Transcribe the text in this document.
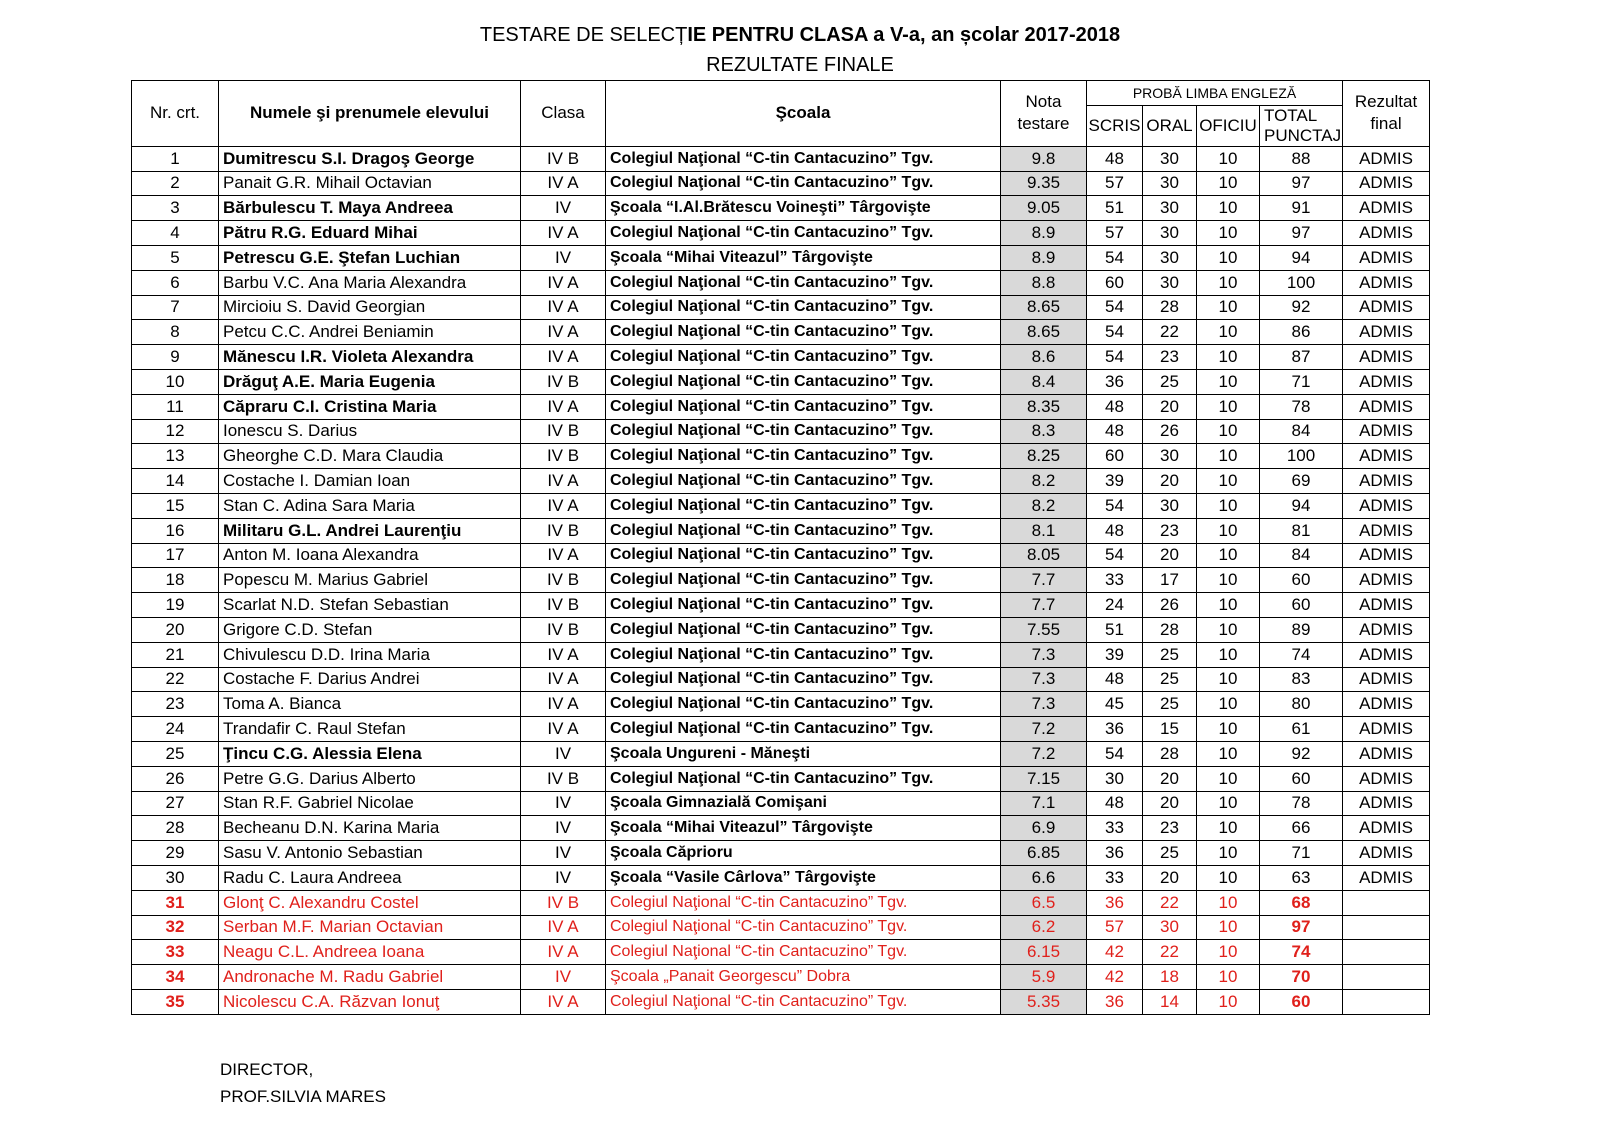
TESTARE DE SELECȚIE PENTRU CLASA a V-a, an școlar 2017-2018
REZULTATE FINALE
Nr. crt.	Numele şi prenumele elevului	Clasa	Şcoala	Nota testare	PROBĂ LIMBA ENGLEZĂ				Rezultat final
					SCRIS	ORAL	OFICIU	TOTAL PUNCTAJ	
1	Dumitrescu S.I. Dragoş George	IV B	Colegiul Naţional “C-tin Cantacuzino” Tgv.	9.8	48	30	10	88	ADMIS
2	Panait G.R. Mihail Octavian	IV A	Colegiul Naţional “C-tin Cantacuzino” Tgv.	9.35	57	30	10	97	ADMIS
3	Bărbulescu T. Maya Andreea	IV	Şcoala “I.Al.Brătescu Voineşti” Târgovişte	9.05	51	30	10	91	ADMIS
4	Pătru R.G. Eduard Mihai	IV A	Colegiul Naţional “C-tin Cantacuzino” Tgv.	8.9	57	30	10	97	ADMIS
5	Petrescu G.E. Ştefan Luchian	IV	Şcoala “Mihai Viteazul” Târgovişte	8.9	54	30	10	94	ADMIS
6	Barbu V.C. Ana Maria Alexandra	IV A	Colegiul Naţional “C-tin Cantacuzino” Tgv.	8.8	60	30	10	100	ADMIS
7	Mircioiu S. David Georgian	IV A	Colegiul Naţional “C-tin Cantacuzino” Tgv.	8.65	54	28	10	92	ADMIS
8	Petcu C.C. Andrei Beniamin	IV A	Colegiul Naţional “C-tin Cantacuzino” Tgv.	8.65	54	22	10	86	ADMIS
9	Mănescu I.R. Violeta Alexandra	IV A	Colegiul Naţional “C-tin Cantacuzino” Tgv.	8.6	54	23	10	87	ADMIS
10	Drăguţ A.E. Maria Eugenia	IV B	Colegiul Naţional “C-tin Cantacuzino” Tgv.	8.4	36	25	10	71	ADMIS
11	Căpraru C.I. Cristina Maria	IV A	Colegiul Naţional “C-tin Cantacuzino” Tgv.	8.35	48	20	10	78	ADMIS
12	Ionescu S. Darius	IV B	Colegiul Naţional “C-tin Cantacuzino” Tgv.	8.3	48	26	10	84	ADMIS
13	Gheorghe C.D. Mara Claudia	IV B	Colegiul Naţional “C-tin Cantacuzino” Tgv.	8.25	60	30	10	100	ADMIS
14	Costache I. Damian Ioan	IV A	Colegiul Naţional “C-tin Cantacuzino” Tgv.	8.2	39	20	10	69	ADMIS
15	Stan C. Adina Sara Maria	IV A	Colegiul Naţional “C-tin Cantacuzino” Tgv.	8.2	54	30	10	94	ADMIS
16	Militaru G.L. Andrei Laurenţiu	IV B	Colegiul Naţional “C-tin Cantacuzino” Tgv.	8.1	48	23	10	81	ADMIS
17	Anton M. Ioana Alexandra	IV A	Colegiul Naţional “C-tin Cantacuzino” Tgv.	8.05	54	20	10	84	ADMIS
18	Popescu M. Marius Gabriel	IV B	Colegiul Naţional “C-tin Cantacuzino” Tgv.	7.7	33	17	10	60	ADMIS
19	Scarlat N.D. Stefan Sebastian	IV B	Colegiul Naţional “C-tin Cantacuzino” Tgv.	7.7	24	26	10	60	ADMIS
20	Grigore C.D. Stefan	IV B	Colegiul Naţional “C-tin Cantacuzino” Tgv.	7.55	51	28	10	89	ADMIS
21	Chivulescu D.D. Irina Maria	IV A	Colegiul Naţional “C-tin Cantacuzino” Tgv.	7.3	39	25	10	74	ADMIS
22	Costache F. Darius Andrei	IV A	Colegiul Naţional “C-tin Cantacuzino” Tgv.	7.3	48	25	10	83	ADMIS
23	Toma A. Bianca	IV A	Colegiul Naţional “C-tin Cantacuzino” Tgv.	7.3	45	25	10	80	ADMIS
24	Trandafir C. Raul Stefan	IV A	Colegiul Naţional “C-tin Cantacuzino” Tgv.	7.2	36	15	10	61	ADMIS
25	Ţincu C.G. Alessia Elena	IV	Şcoala Ungureni - Măneşti	7.2	54	28	10	92	ADMIS
26	Petre G.G. Darius Alberto	IV B	Colegiul Naţional “C-tin Cantacuzino” Tgv.	7.15	30	20	10	60	ADMIS
27	Stan R.F. Gabriel Nicolae	IV	Şcoala Gimnazială Comişani	7.1	48	20	10	78	ADMIS
28	Becheanu D.N. Karina Maria	IV	Şcoala “Mihai Viteazul” Târgovişte	6.9	33	23	10	66	ADMIS
29	Sasu V. Antonio Sebastian	IV	Şcoala Căprioru	6.85	36	25	10	71	ADMIS
30	Radu C. Laura Andreea	IV	Şcoala “Vasile Cârlova” Târgovişte	6.6	33	20	10	63	ADMIS
31	Glonţ C. Alexandru Costel	IV B	Colegiul Naţional “C-tin Cantacuzino” Tgv.	6.5	36	22	10	68	
32	Serban M.F. Marian Octavian	IV A	Colegiul Naţional “C-tin Cantacuzino” Tgv.	6.2	57	30	10	97	
33	Neagu C.L. Andreea Ioana	IV A	Colegiul Naţional “C-tin Cantacuzino” Tgv.	6.15	42	22	10	74	
34	Andronache M. Radu Gabriel	IV	Şcoala „Panait Georgescu” Dobra	5.9	42	18	10	70	
35	Nicolescu C.A. Răzvan Ionuţ	IV A	Colegiul Naţional “C-tin Cantacuzino” Tgv.	5.35	36	14	10	60	
DIRECTOR,
PROF.SILVIA MARES
